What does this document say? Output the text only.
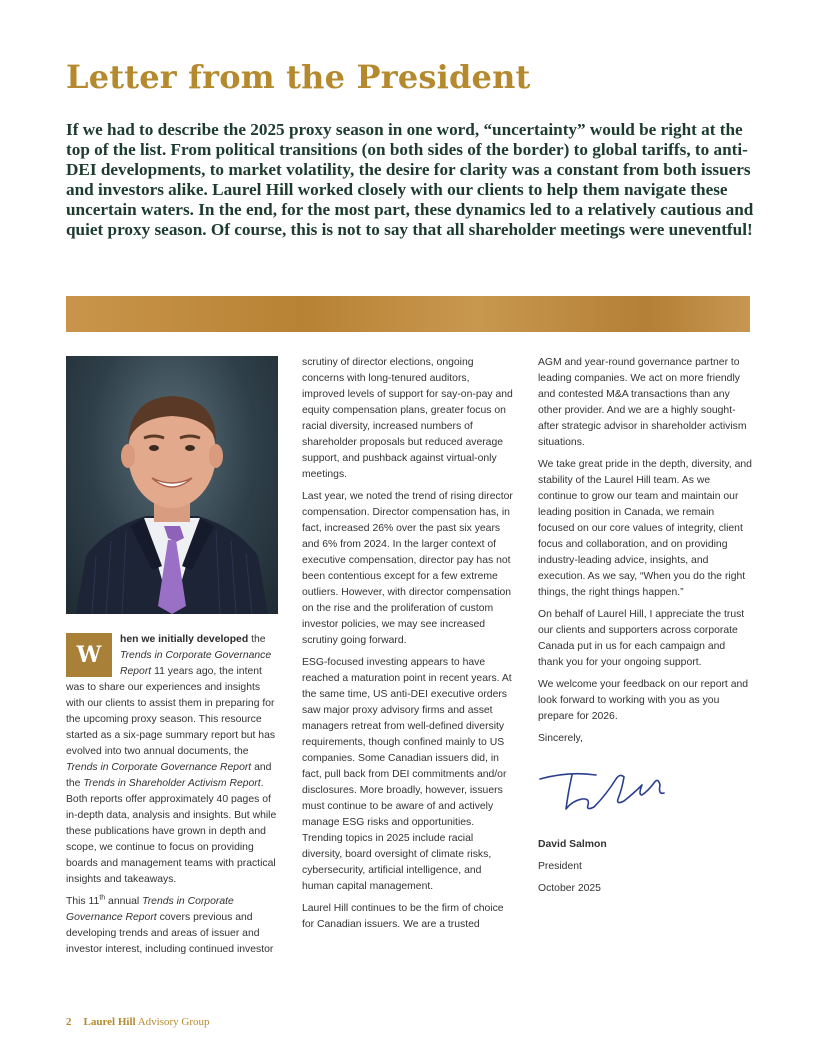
Letter from the President

If we had to describe the 2025 proxy season in one word, “uncertainty” would be right at the top of the list. From political transitions (on both sides of the border) to global tariffs, to anti-DEI developments, to market volatility, the desire for clarity was a constant from both issuers and investors alike. Laurel Hill worked closely with our clients to help them navigate these uncertain waters. In the end, for the most part, these dynamics led to a relatively cautious and quiet proxy season. Of course, this is not to say that all shareholder meetings were uneventful!

W
hen we initially developed the Trends in Corporate Governance Report 11 years ago, the intent was to share our experiences and insights with our clients to assist them in preparing for the upcoming proxy season. This resource started as a six-page summary report but has evolved into two annual documents, the Trends in Corporate Governance Report and the Trends in Shareholder Activism Report. Both reports offer approximately 40 pages of in-depth data, analysis and insights. But while these publications have grown in depth and scope, we continue to focus on providing boards and management teams with practical insights and takeaways.

This 11th annual Trends in Corporate Governance Report covers previous and developing trends and areas of issuer and investor interest, including continued investor

scrutiny of director elections, ongoing concerns with long-tenured auditors, improved levels of support for say-on-pay and equity compensation plans, greater focus on racial diversity, increased numbers of shareholder proposals but reduced average support, and pushback against virtual-only meetings.

Last year, we noted the trend of rising director compensation. Director compensation has, in fact, increased 26% over the past six years and 6% from 2024. In the larger context of executive compensation, director pay has not been contentious except for a few extreme outliers. However, with director compensation on the rise and the proliferation of custom investor policies, we may see increased scrutiny going forward.

ESG-focused investing appears to have reached a maturation point in recent years. At the same time, US anti-DEI executive orders saw major proxy advisory firms and asset managers retreat from well-defined diversity requirements, though confined mainly to US companies. Some Canadian issuers did, in fact, pull back from DEI commitments and/or disclosures. More broadly, however, issuers must continue to be aware of and actively manage ESG risks and opportunities. Trending topics in 2025 include racial diversity, board oversight of climate risks, cybersecurity, artificial intelligence, and human capital management.

Laurel Hill continues to be the firm of choice for Canadian issuers. We are a trusted

AGM and year-round governance partner to leading companies. We act on more friendly and contested M&A transactions than any other provider. And we are a highly sought-after strategic advisor in shareholder activism situations.

We take great pride in the depth, diversity, and stability of the Laurel Hill team. As we continue to grow our team and maintain our leading position in Canada, we remain focused on our core values of integrity, client focus and collaboration, and on providing industry-leading advice, insights, and execution. As we say, “When you do the right things, the right things happen.”

On behalf of Laurel Hill, I appreciate the trust our clients and supporters across corporate Canada put in us for each campaign and thank you for your ongoing support.

We welcome your feedback on our report and look forward to working with you as you prepare for 2026.

Sincerely,

David Salmon

President

October 2025

2 Laurel Hill Advisory Group
